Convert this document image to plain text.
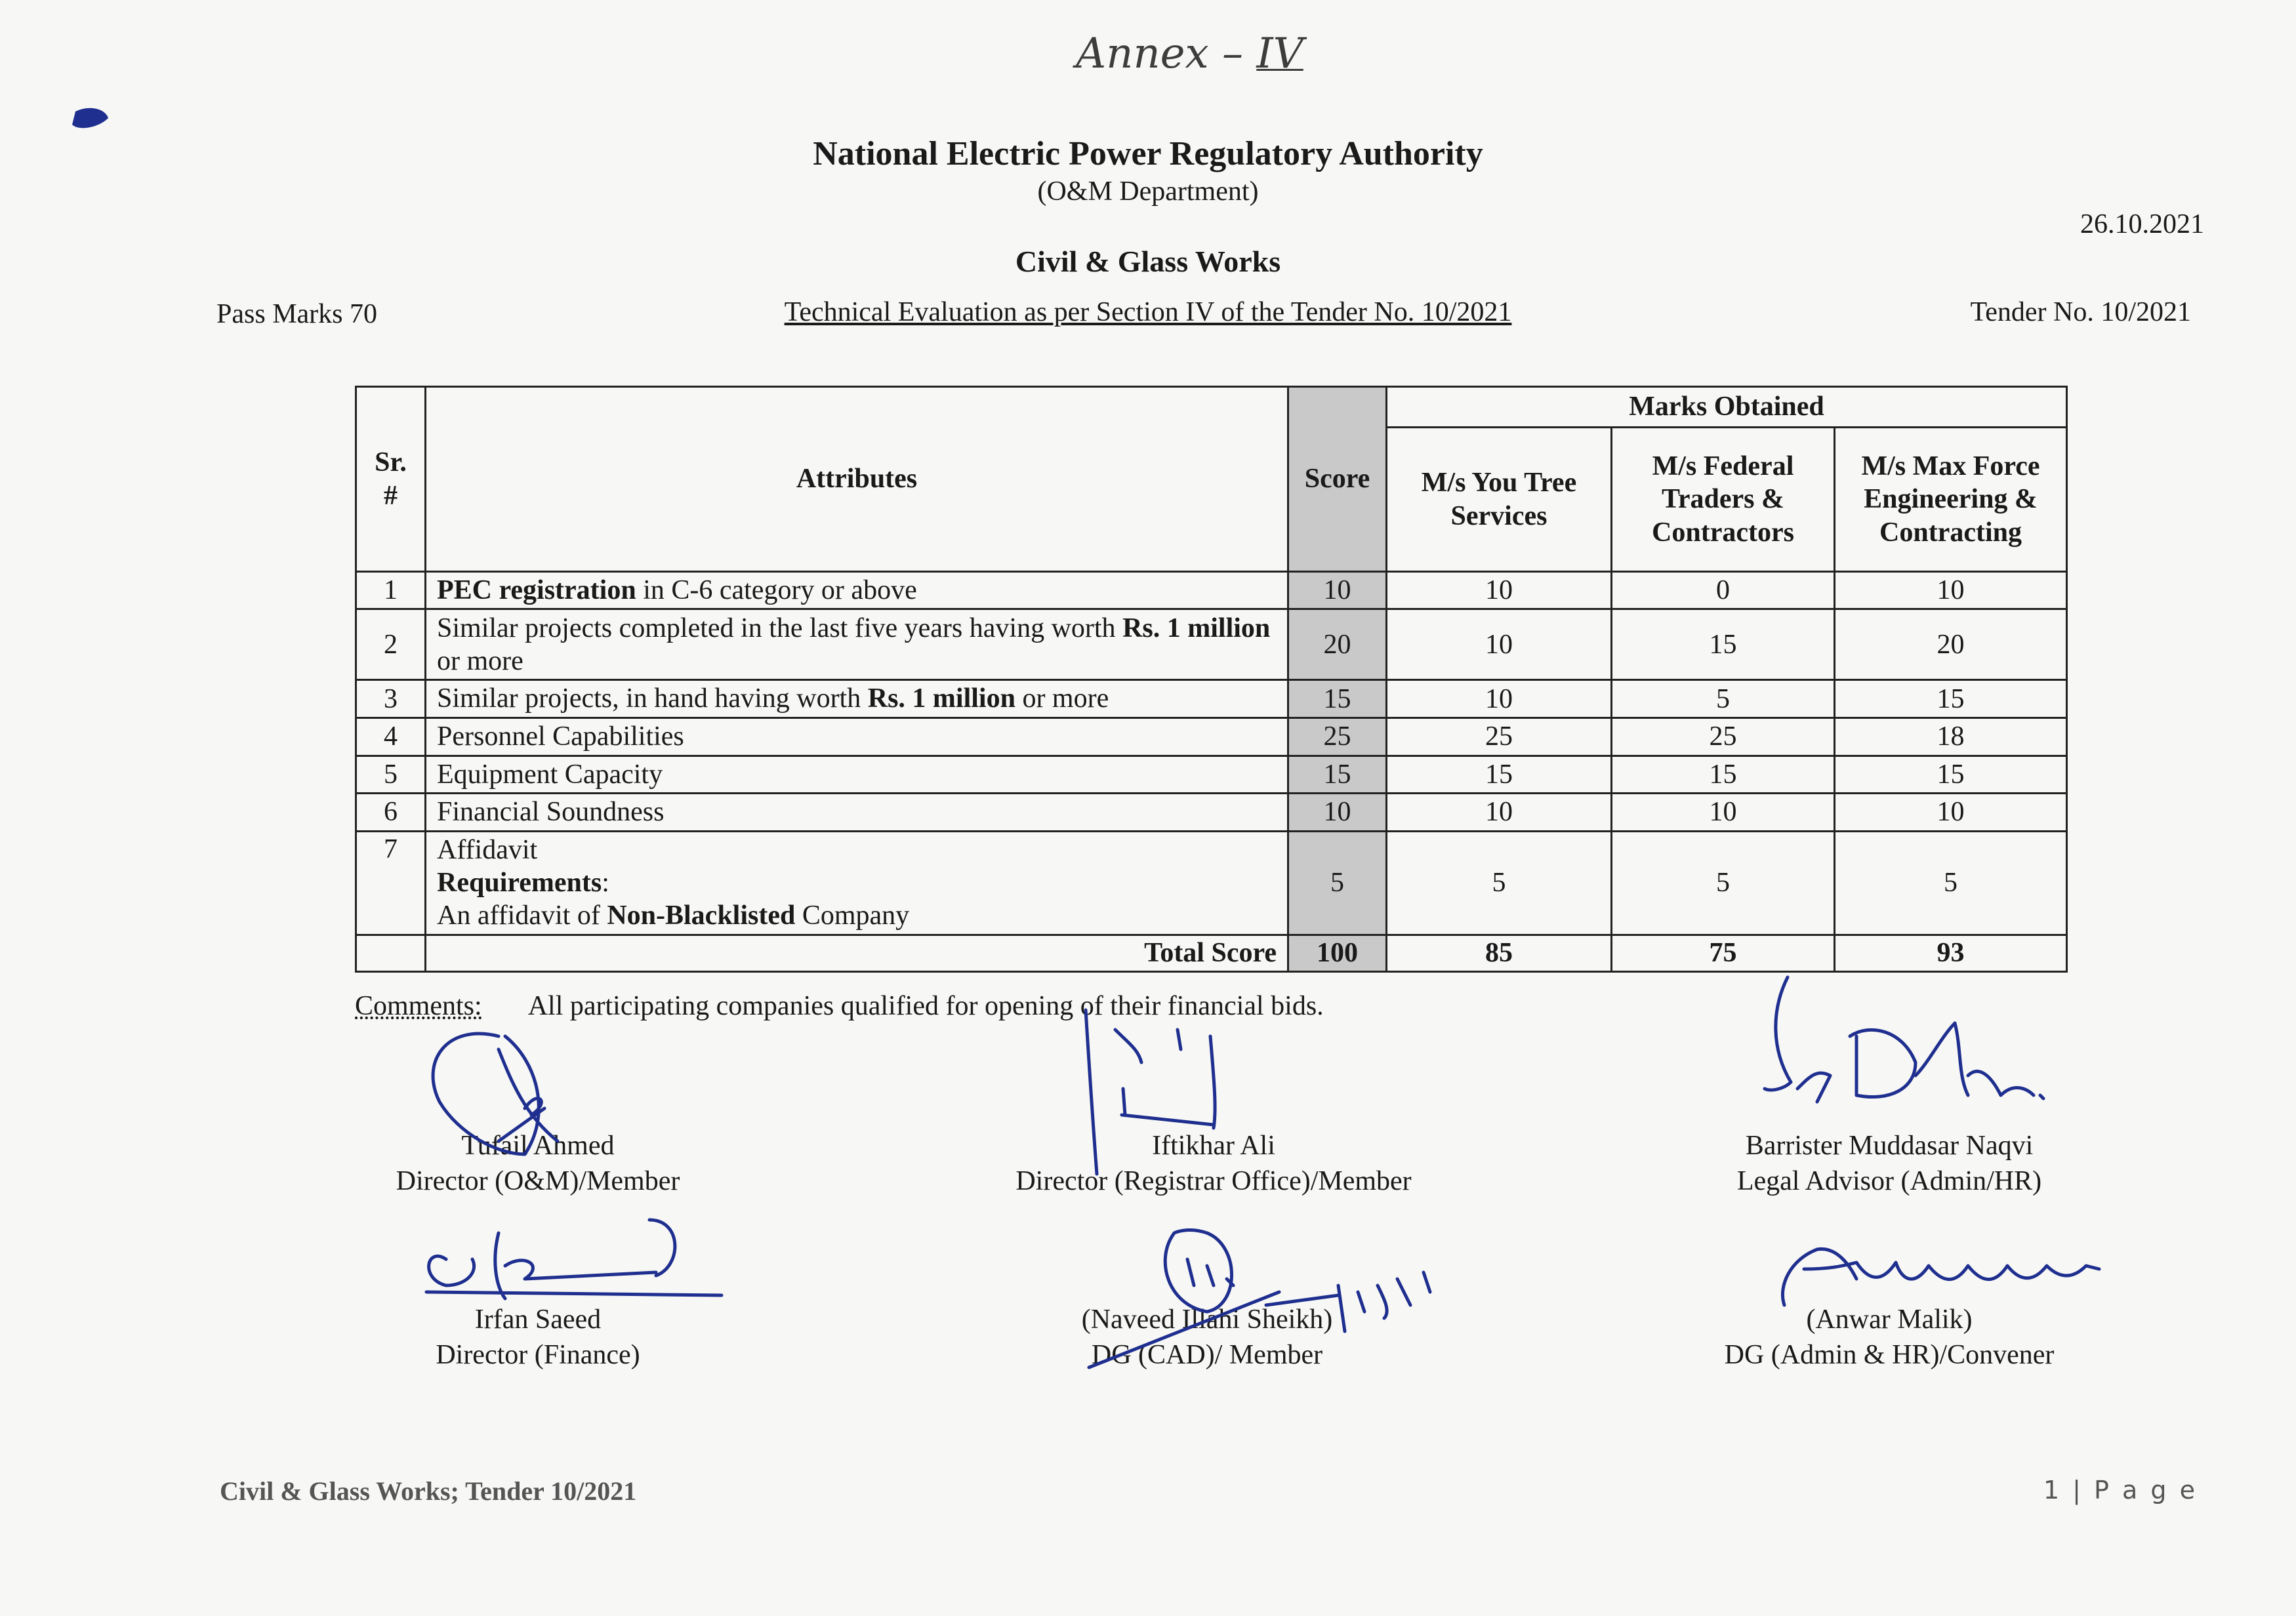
Annex – IV
National Electric Power Regulatory Authority
(O&M Department)
26.10.2021
Civil & Glass Works
Pass Marks 70	Technical Evaluation as per Section IV of the Tender No. 10/2021	Tender No. 10/2021
Sr. #	Attributes	Score	Marks Obtained		
			M/s You Tree Services	M/s Federal Traders & Contractors	M/s Max Force Engineering & Contracting
1	PEC registration in C-6 category or above	10	10	0	10
2	Similar projects completed in the last five years having worth Rs. 1 million or more	20	10	15	20
3	Similar projects, in hand having worth Rs. 1 million or more	15	10	5	15
4	Personnel Capabilities	25	25	25	18
5	Equipment Capacity	15	15	15	15
6	Financial Soundness	10	10	10	10
7	Affidavit
Requirements:
An affidavit of Non-Blacklisted Company	5	5	5	5
	Total Score	100	85	75	93
Comments: All participating companies qualified for opening of their financial bids.
Tufail Ahmed
Director (O&M)/Member
Iftikhar Ali
Director (Registrar Office)/Member
Barrister Muddasar Naqvi
Legal Advisor (Admin/HR)
Irfan Saeed
Director (Finance)
(Naveed Illahi Sheikh)
DG (CAD)/ Member
(Anwar Malik)
DG (Admin & HR)/Convener
Civil & Glass Works; Tender 10/2021	1 | P a g e
